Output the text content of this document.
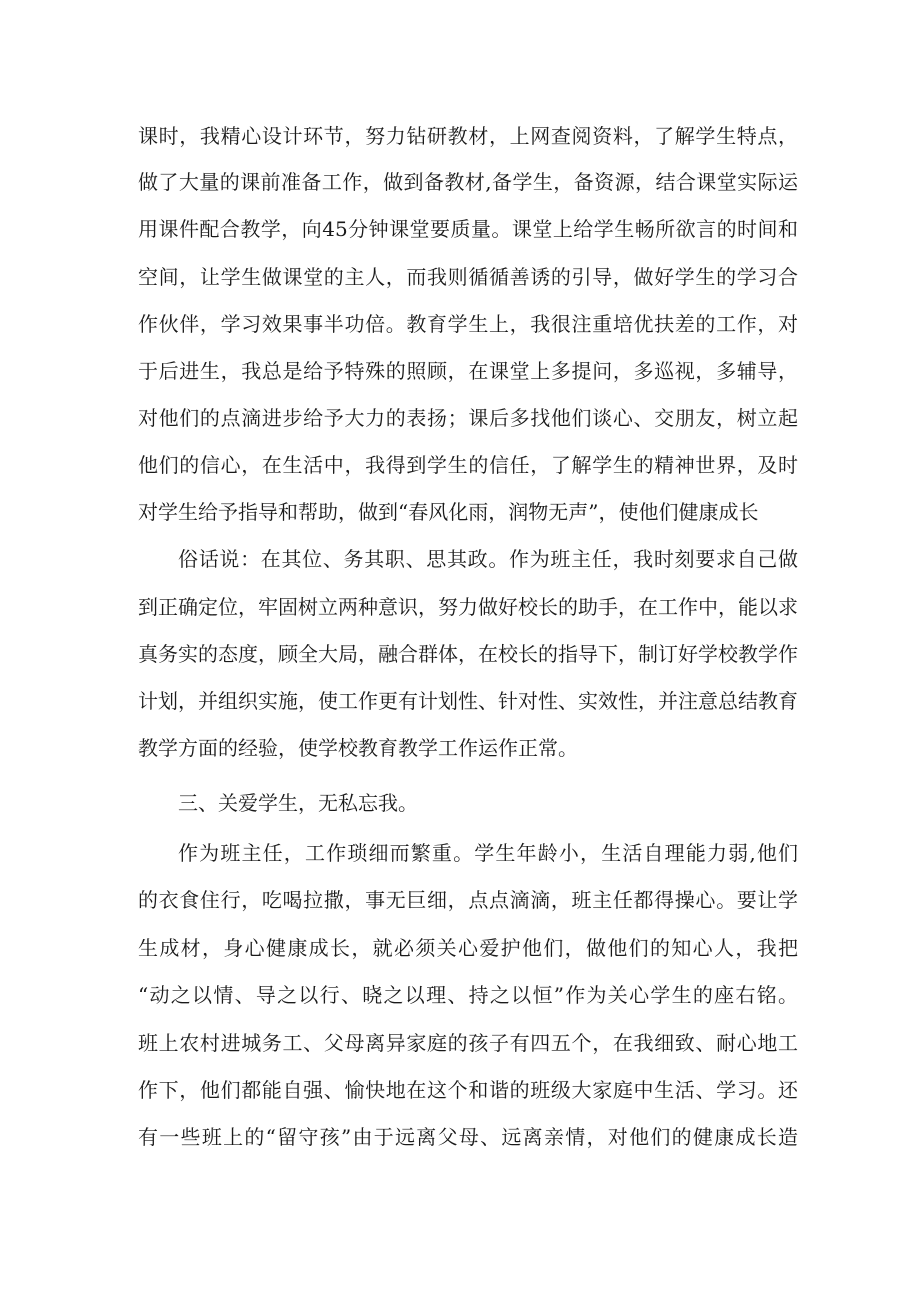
课时，我精心设计环节，努力钻研教材，上网查阅资料，了解学生特点，
做了大量的课前准备工作，做到备教材,备学生，备资源，结合课堂实际运
用课件配合教学，向45分钟课堂要质量。课堂上给学生畅所欲言的时间和
空间，让学生做课堂的主人，而我则循循善诱的引导，做好学生的学习合
作伙伴，学习效果事半功倍。教育学生上，我很注重培优扶差的工作，对
于后进生，我总是给予特殊的照顾，在课堂上多提问，多巡视，多辅导，
对他们的点滴进步给予大力的表扬；课后多找他们谈心、交朋友，树立起
他们的信心，在生活中，我得到学生的信任，了解学生的精神世界，及时
对学生给予指导和帮助，做到“春风化雨，润物无声”，使他们健康成长
俗话说：在其位、务其职、思其政。作为班主任，我时刻要求自己做
到正确定位，牢固树立两种意识，努力做好校长的助手，在工作中，能以求
真务实的态度，顾全大局，融合群体，在校长的指导下，制订好学校教学作
计划，并组织实施，使工作更有计划性、针对性、实效性，并注意总结教育
教学方面的经验，使学校教育教学工作运作正常。
三、关爱学生，无私忘我。
作为班主任，工作琐细而繁重。学生年龄小，生活自理能力弱,他们
的衣食住行，吃喝拉撒，事无巨细，点点滴滴，班主任都得操心。要让学
生成材，身心健康成长，就必须关心爱护他们，做他们的知心人，我把
“动之以情、导之以行、晓之以理、持之以恒”作为关心学生的座右铭。
班上农村进城务工、父母离异家庭的孩子有四五个，在我细致、耐心地工
作下，他们都能自强、愉快地在这个和谐的班级大家庭中生活、学习。还
有一些班上的“留守孩”由于远离父母、远离亲情，对他们的健康成长造
